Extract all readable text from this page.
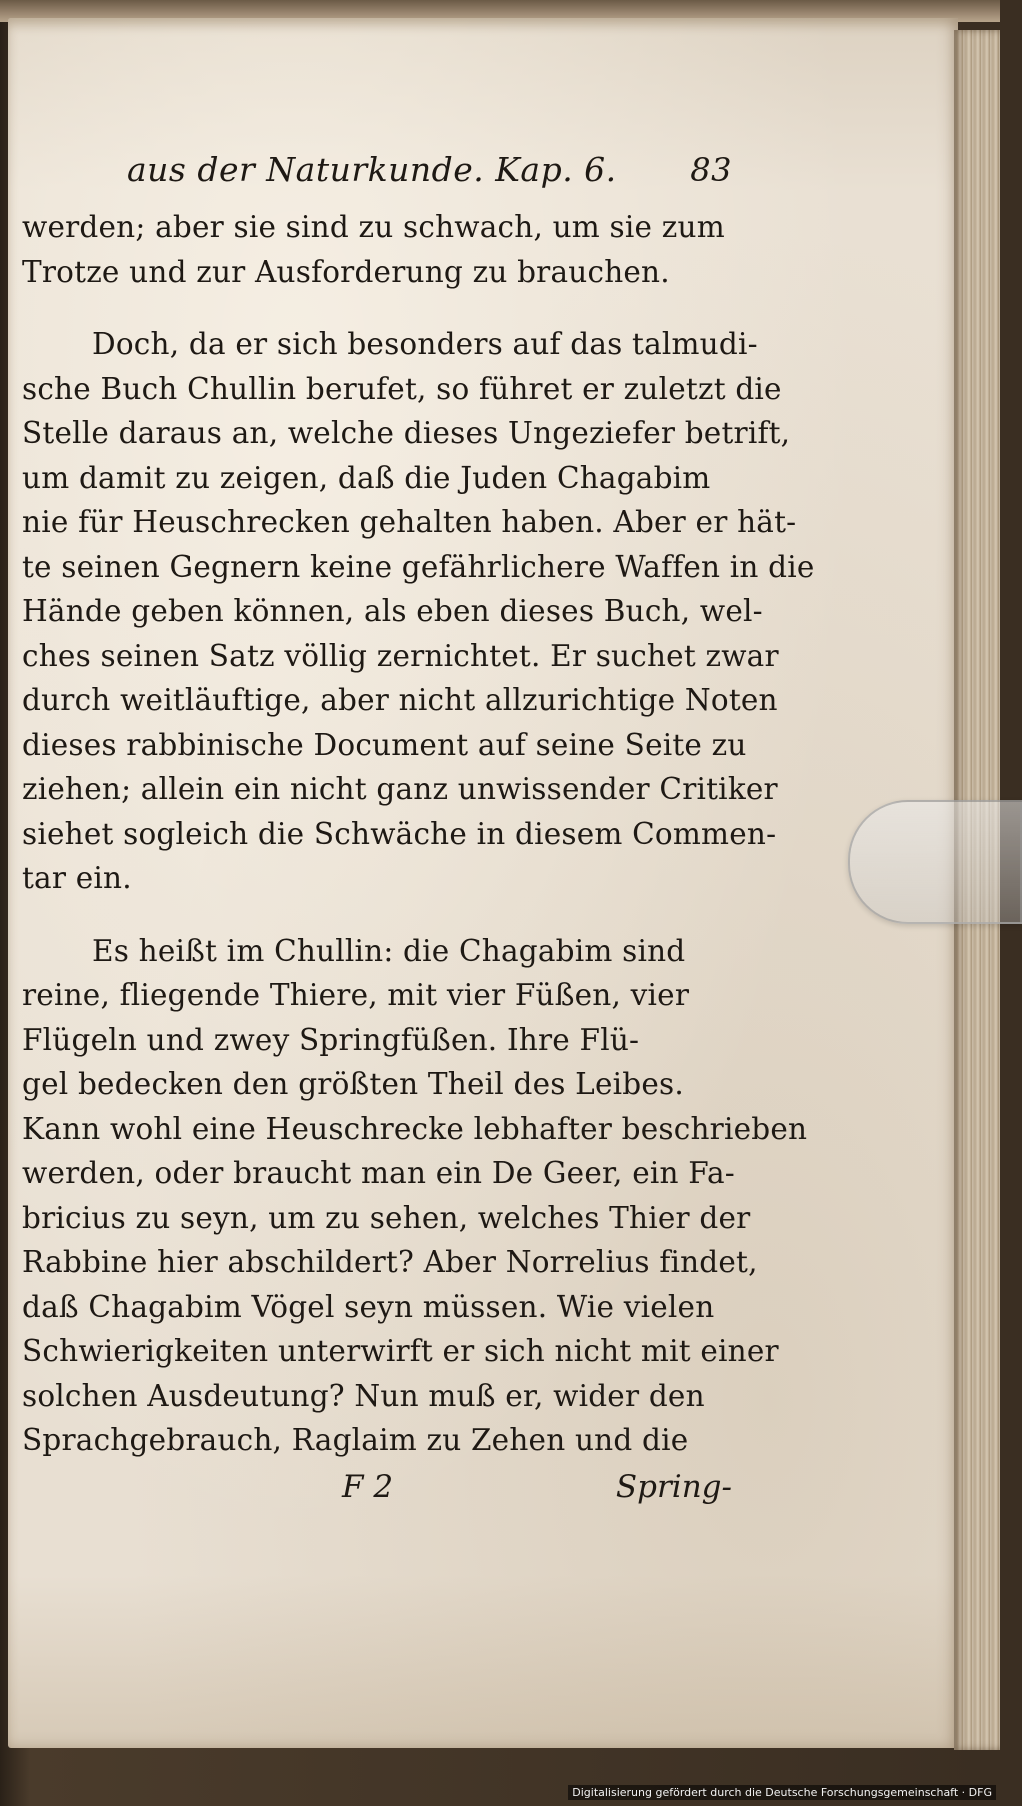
aus der Naturkunde. Kap. 6. 83
werden; aber sie sind zu schwach, um sie zum
Trotze und zur Ausforderung zu brauchen.
Doch, da er sich besonders auf das talmudi-
sche Buch Chullin berufet, so führet er zuletzt die
Stelle daraus an, welche dieses Ungeziefer betrift,
um damit zu zeigen, daß die Juden Chagabim
nie für Heuschrecken gehalten haben. Aber er hät-
te seinen Gegnern keine gefährlichere Waffen in die
Hände geben können, als eben dieses Buch, wel-
ches seinen Satz völlig zernichtet. Er suchet zwar
durch weitläuftige, aber nicht allzurichtige Noten
dieses rabbinische Document auf seine Seite zu
ziehen; allein ein nicht ganz unwissender Critiker
siehet sogleich die Schwäche in diesem Commen-
tar ein.
Es heißt im Chullin: die Chagabim sind
reine, fliegende Thiere, mit vier Füßen, vier
Flügeln und zwey Springfüßen. Ihre Flü-
gel bedecken den größten Theil des Leibes.
Kann wohl eine Heuschrecke lebhafter beschrieben
werden, oder braucht man ein De Geer, ein Fa-
bricius zu seyn, um zu sehen, welches Thier der
Rabbine hier abschildert? Aber Norrelius findet,
daß Chagabim Vögel seyn müssen. Wie vielen
Schwierigkeiten unterwirft er sich nicht mit einer
solchen Ausdeutung? Nun muß er, wider den
Sprachgebrauch, Raglaim zu Zehen und die
F 2	Spring-
Digitalisierung gefördert durch die Deutsche Forschungsgemeinschaft · DFG
